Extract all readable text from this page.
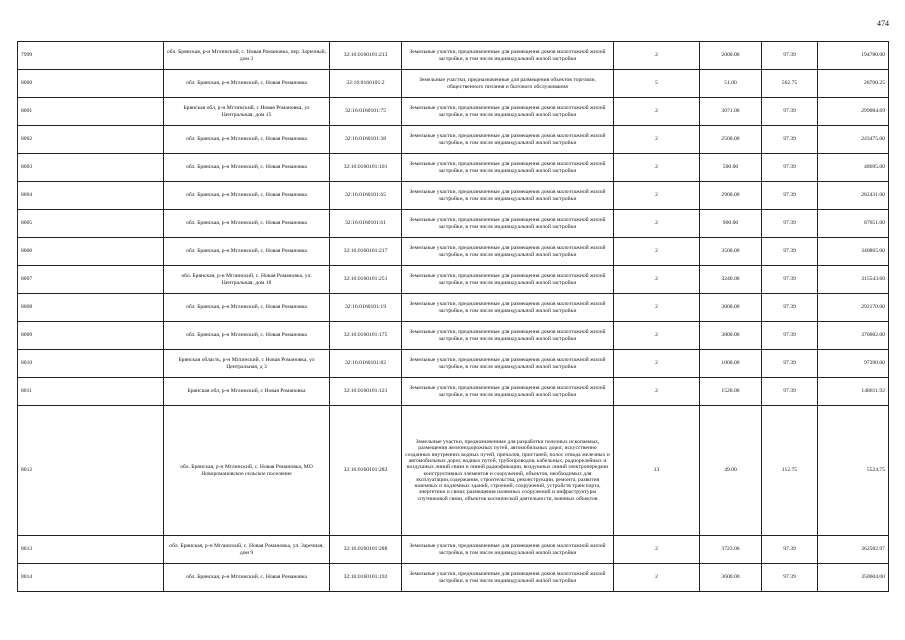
474
7999	обл. Брянская, р-н Мглинский, с. Новая Романовка, пер. Заречный, дом 3	32:16:0160101:213	Земельные участки, предназначенные для размещения домов малоэтажной жилой застройки, в том числе индивидуальной жилой застройки	2	2000.00	97.39	194780.00
8000	обл. Брянская, р-н Мглинский, с. Новая Романовка	32:16:0160101:2	Земельные участки, предназначенные для размещения объектов торговли, общественного питания и бытового обслуживания	5	51.00	562.75	28700.25
8001	Брянская обл, р-н Мглинский, с Новая Романовка, ул Центральная, дом 15	32:16:0160101:75	Земельные участки, предназначенные для размещения домов малоэтажной жилой застройки, в том числе индивидуальной жилой застройки	2	3071.00	97.39	299084.69
8002	обл. Брянская, р-н Мглинский, с. Новая Романовка	32:16:0160101:38	Земельные участки, предназначенные для размещения домов малоэтажной жилой застройки, в том числе индивидуальной жилой застройки	2	2500.00	97.39	243475.00
8003	обл. Брянская, р-н Мглинский, с. Новая Романовка	32:16:0160101:101	Земельные участки, предназначенные для размещения домов малоэтажной жилой застройки, в том числе индивидуальной жилой застройки	2	500.00	97.39	48695.00
8004	обл. Брянская, р-н Мглинский, с. Новая Романовка	32:16:0160101:65	Земельные участки, предназначенные для размещения домов малоэтажной жилой застройки, в том числе индивидуальной жилой застройки	2	2900.00	97.39	282431.00
8005	обл. Брянская, р-н Мглинский, с. Новая Романовка	32:16:0160101:61	Земельные участки, предназначенные для размещения домов малоэтажной жилой застройки, в том числе индивидуальной жилой застройки	2	900.00	97.39	87651.00
8006	обл. Брянская, р-н Мглинский, с. Новая Романовка	32:16:0160101:217	Земельные участки, предназначенные для размещения домов малоэтажной жилой застройки, в том числе индивидуальной жилой застройки	2	3500.00	97.39	340865.00
8007	обл. Брянская, р-н Мглинский, с. Новая Романовка, ул. Центральная, дом 18	32:16:0160101:251	Земельные участки, предназначенные для размещения домов малоэтажной жилой застройки, в том числе индивидуальной жилой застройки	2	3240.00	97.39	315543.60
8008	обл. Брянская, р-н Мглинский, с. Новая Романовка	32:16:0160101:19	Земельные участки, предназначенные для размещения домов малоэтажной жилой застройки, в том числе индивидуальной жилой застройки	2	3000.00	97.39	292170.00
8009	обл. Брянская, р-н Мглинский, с. Новая Романовка	32:16:0160101:175	Земельные участки, предназначенные для размещения домов малоэтажной жилой застройки, в том числе индивидуальной жилой застройки	2	3800.00	97.39	370082.00
8010	Брянская область, р-н Мглинский, с Новая Романовка, ул Центральная, д 3	32:16:0160101:82	Земельные участки, предназначенные для размещения домов малоэтажной жилой застройки, в том числе индивидуальной жилой застройки	2	1000.00	97.39	97390.00
8011	Брянская обл, р-н Мглинский, с Новая Романовка	32:16:0160101:121	Земельные участки, предназначенные для размещения домов малоэтажной жилой застройки, в том числе индивидуальной жилой застройки	2	1528.00	97.39	148811.92
8012	обл. Брянская, р-н Мглинский, с. Новая Романовка, МО Новоромановское сельское поселение	32:16:0160101:282	Земельные участки, предназначенные для разработки полезных ископаемых, размещения железнодорожных путей, автомобильных дорог, искусственно созданных внутренних водных путей, причалов, пристаней, полос отвода железных и автомобильных дорог, водных путей, трубопроводов, кабельных, радиорелейных и воздушных линий связи и линий радиофикации, воздушных линий электропередачи конструктивных элементов и сооружений, объектов, необходимых для эксплуатации,содержания, строительства, реконструкции, ремонта, развития наземных и подземных зданий, строений, сооружений, устройств транспорта, энергетики и связи; размещения наземных сооружений и инфраструктуры спутниковой связи, объектов космической деятельности, военных объектов	13	49.00	112.75	5524.75
8013	обл. Брянская, р-н Мглинский, с. Новая Романовка, ул. Заречная, дом 9	32:16:0160101:288	Земельные участки, предназначенные для размещения домов малоэтажной жилой застройки, в том числе индивидуальной жилой застройки	2	3723.00	97.39	362582.97
8014	обл. Брянская, р-н Мглинский, с. Новая Романовка	32:16:0160101:192	Земельные участки, предназначенные для размещения домов малоэтажной жилой застройки, в том числе индивидуальной жилой застройки	2	3600.00	97.39	350604.00
